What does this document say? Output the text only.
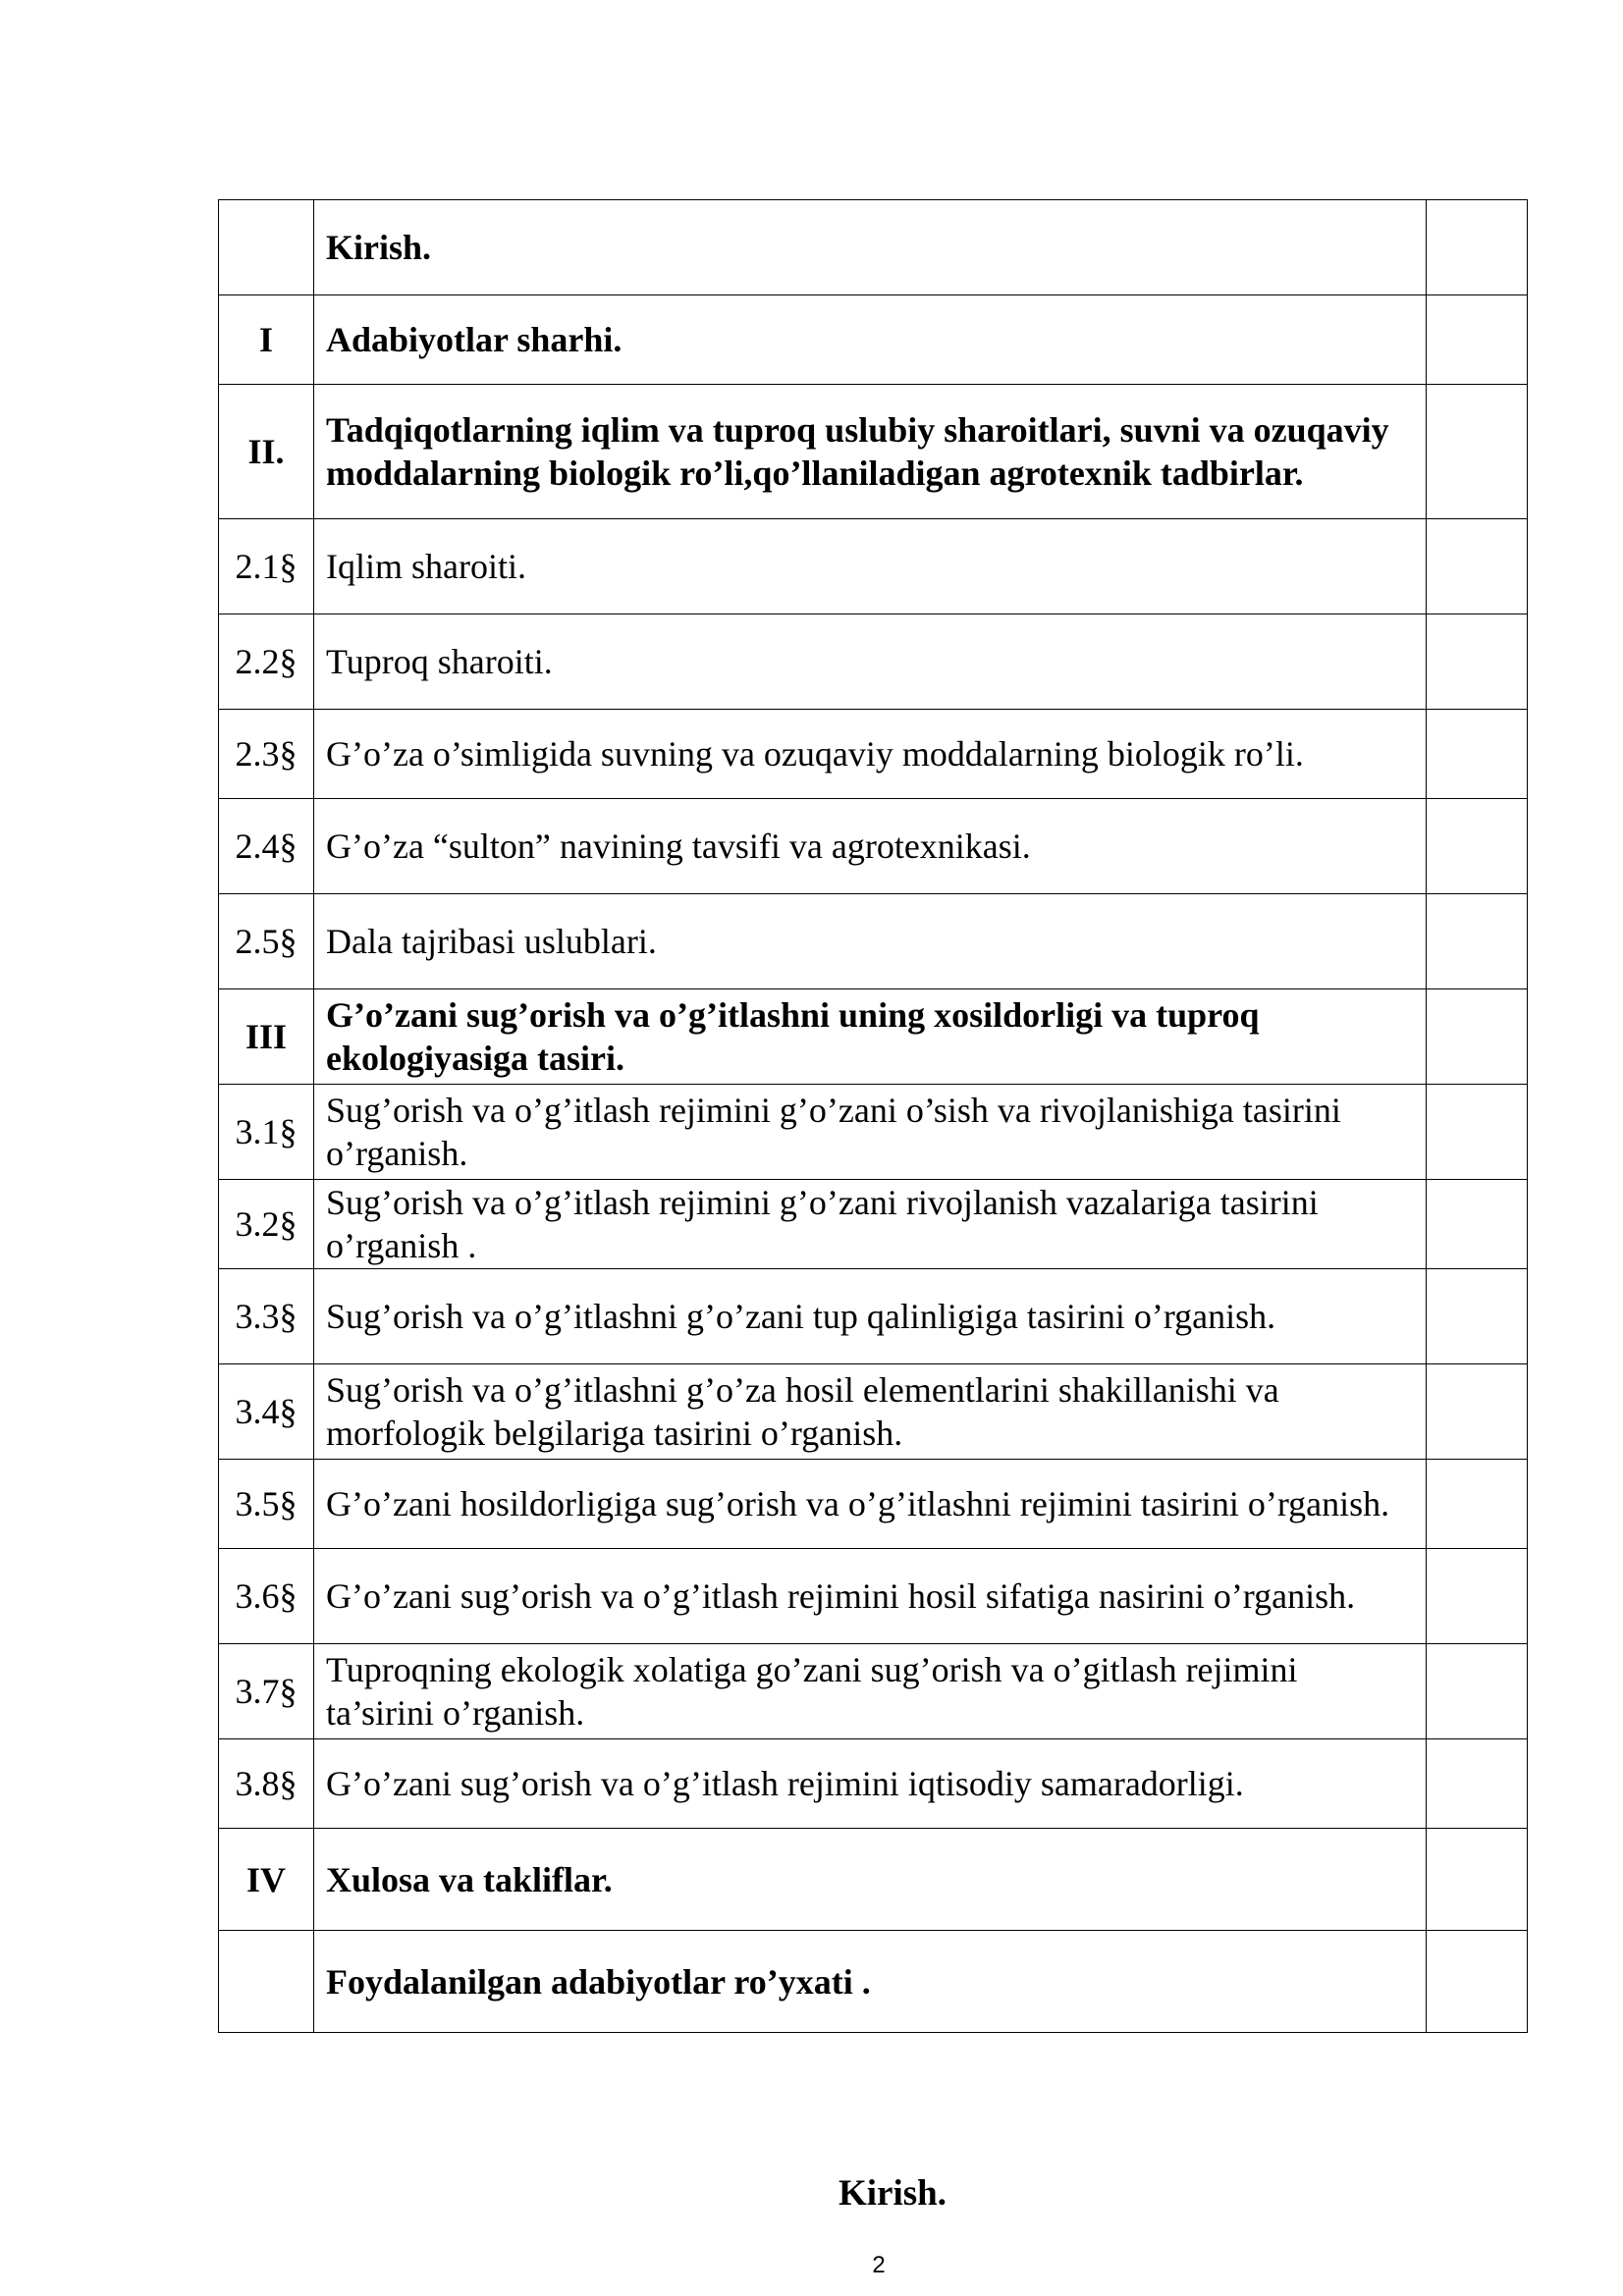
	Kirish.	
I	Adabiyotlar sharhi.	
II.	Tadqiqotlarning iqlim va tuproq uslubiy sharoitlari, suvni va ozuqaviy moddalarning biologik ro’li,qo’llaniladigan agrotexnik tadbirlar.	
2.1§	Iqlim sharoiti.	
2.2§	Tuproq sharoiti.	
2.3§	G’o’za o’simligida suvning va ozuqaviy moddalarning biologik ro’li.	
2.4§	G’o’za “sulton” navining tavsifi va agrotexnikasi.	
2.5§	Dala tajribasi uslublari.	
III	G’o’zani sug’orish va o’g’itlashni uning xosildorligi va tuproq ekologiyasiga tasiri.	
3.1§	Sug’orish va o’g’itlash rejimini g’o’zani o’sish va rivojlanishiga tasirini o’rganish.	
3.2§	Sug’orish va o’g’itlash rejimini g’o’zani rivojlanish vazalariga tasirini o’rganish .	
3.3§	Sug’orish va o’g’itlashni g’o’zani tup qalinligiga tasirini o’rganish.	
3.4§	Sug’orish va o’g’itlashni g’o’za hosil elementlarini shakillanishi va morfologik belgilariga tasirini o’rganish.	
3.5§	G’o’zani hosildorligiga sug’orish va o’g’itlashni rejimini tasirini o’rganish.	
3.6§	G’o’zani sug’orish va o’g’itlash rejimini hosil sifatiga nasirini o’rganish.	
3.7§	Tuproqning ekologik xolatiga go’zani sug’orish va o’gitlash rejimini ta’sirini o’rganish.	
3.8§	G’o’zani sug’orish va o’g’itlash rejimini iqtisodiy samaradorligi.	
IV	Xulosa va takliflar.	
	Foydalanilgan adabiyotlar ro’yxati .	
Kirish.
2
